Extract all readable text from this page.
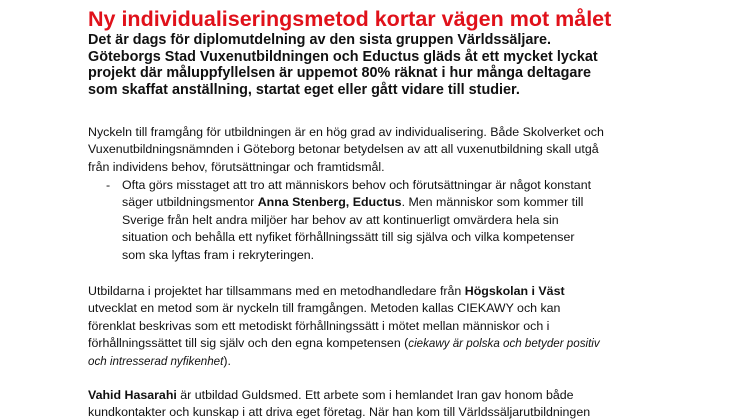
Ny individualiseringsmetod kortar vägen mot målet
Det är dags för diplomutdelning av den sista gruppen Världssäljare.
Göteborgs Stad Vuxenutbildningen och Eductus gläds åt ett mycket lyckat
projekt där måluppfyllelsen är uppemot 80% räknat i hur många deltagare
som skaffat anställning, startat eget eller gått vidare till studier.
Nyckeln till framgång för utbildningen är en hög grad av individualisering. Både Skolverket och
Vuxenutbildningsnämnden i Göteborg betonar betydelsen av att all vuxenutbildning skall utgå
från individens behov, förutsättningar och framtidsmål.
- Ofta görs misstaget att tro att människors behov och förutsättningar är något konstant
säger utbildningsmentor Anna Stenberg, Eductus. Men människor som kommer till
Sverige från helt andra miljöer har behov av att kontinuerligt omvärdera hela sin
situation och behålla ett nyfiket förhållningssätt till sig själva och vilka kompetenser
som ska lyftas fram i rekryteringen.
Utbildarna i projektet har tillsammans med en metodhandledare från Högskolan i Väst
utvecklat en metod som är nyckeln till framgången. Metoden kallas CIEKAWY och kan
förenklat beskrivas som ett metodiskt förhållningssätt i mötet mellan människor och i
förhållningssättet till sig själv och den egna kompetensen (ciekawy är polska och betyder positiv
och intresserad nyfikenhet).
Vahid Hasarahi är utbildad Guldsmed. Ett arbete som i hemlandet Iran gav honom både
kundkontakter och kunskap i att driva eget företag. När han kom till Världssäljarutbildningen
